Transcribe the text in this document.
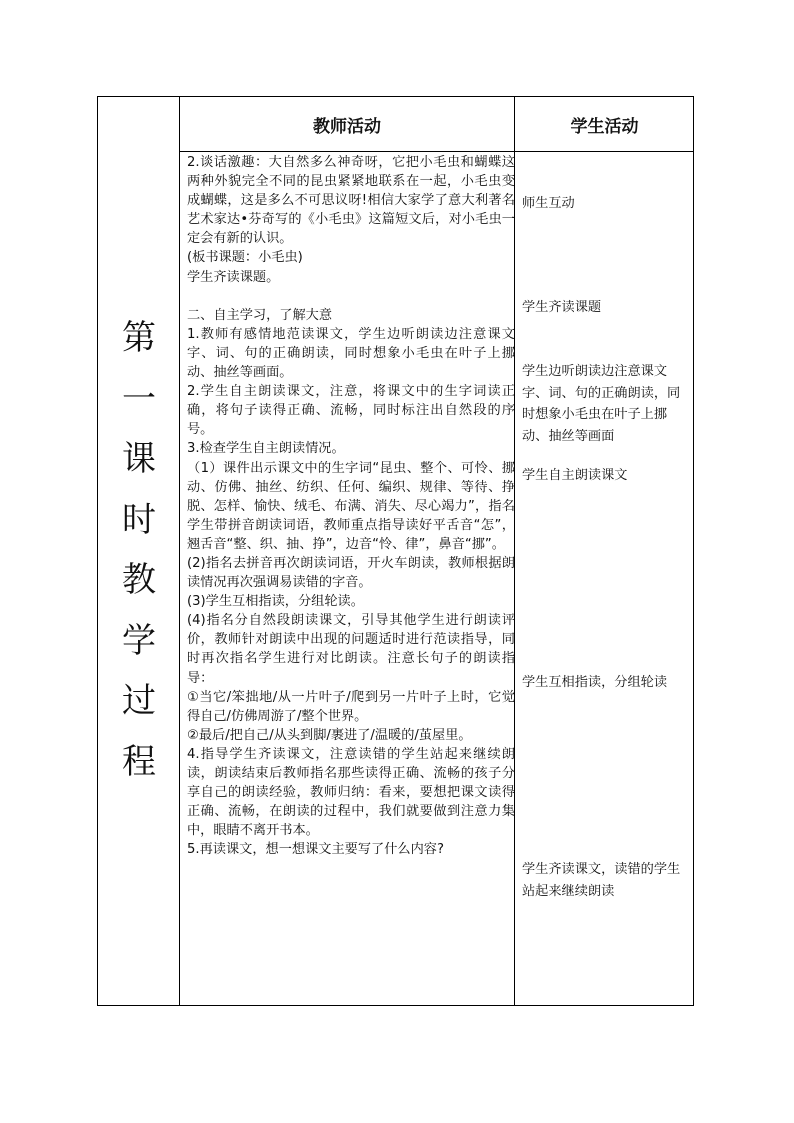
第
一
课
时
教
学
过
程
教师活动	学生活动

2.谈话激趣：大自然多么神奇呀，它把小毛虫和蝴蝶这两种外貌完全不同的昆虫紧紧地联系在一起，小毛虫变成蝴蝶，这是多么不可思议呀!相信大家学了意大利著名艺术家达•芬奇写的《小毛虫》这篇短文后，对小毛虫一定会有新的认识。

(板书课题：小毛虫)

学生齐读课题。

二、自主学习，了解大意

1.教师有感情地范读课文，学生边听朗读边注意课文字、词、句的正确朗读，同时想象小毛虫在叶子上挪动、抽丝等画面。

2.学生自主朗读课文，注意，将课文中的生字词读正确，将句子读得正确、流畅，同时标注出自然段的序号。

3.检查学生自主朗读情况。

（1）课件出示课文中的生字词“昆虫、整个、可怜、挪动、仿佛、抽丝、纺织、任何、编织、规律、等待、挣脱、怎样、愉快、绒毛、布满、消失、尽心竭力”，指名学生带拼音朗读词语，教师重点指导读好平舌音“怎”，翘舌音“整、织、抽、挣”，边音“怜、律”，鼻音“挪”。

(2)指名去拼音再次朗读词语，开火车朗读，教师根据朗读情况再次强调易读错的字音。

(3)学生互相指读，分组轮读。

(4)指名分自然段朗读课文，引导其他学生进行朗读评价，教师针对朗读中出现的问题适时进行范读指导，同时再次指名学生进行对比朗读。注意长句子的朗读指导：

①当它/笨拙地/从一片叶子/爬到另一片叶子上时，它觉得自己/仿佛周游了/整个世界。

②最后/把自己/从头到脚/裹进了/温暖的/茧屋里。

4.指导学生齐读课文，注意读错的学生站起来继续朗读，朗读结束后教师指名那些读得正确、流畅的孩子分享自己的朗读经验，教师归纳：看来，要想把课文读得正确、流畅，在朗读的过程中，我们就要做到注意力集中，眼睛不离开书本。

5.再读课文，想一想课文主要写了什么内容?

师生互动
学生齐读课题
学生边听朗读边注意课文字、词、句的正确朗读，同时想象小毛虫在叶子上挪动、抽丝等画面
学生自主朗读课文
学生互相指读，分组轮读
学生齐读课文，读错的学生站起来继续朗读
